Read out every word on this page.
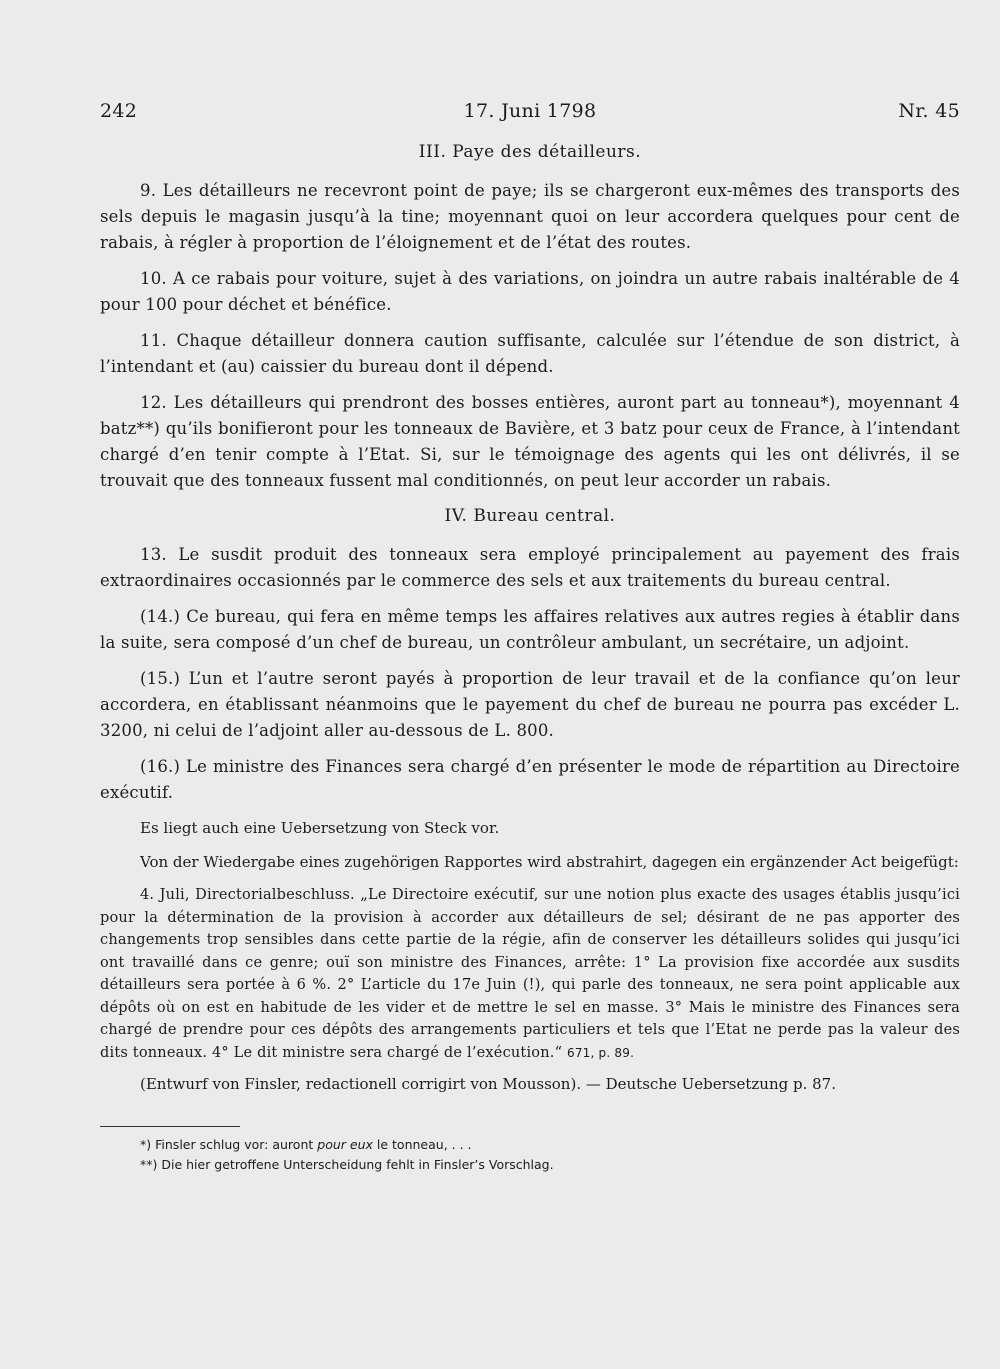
242	17. Juni 1798	Nr. 45
III. Paye des détailleurs.

9. Les détailleurs ne recevront point de paye; ils se chargeront eux-mêmes des transports des sels depuis le magasin jusqu’à la tine; moyennant quoi on leur accordera quelques pour cent de rabais, à régler à proportion de l’éloignement et de l’état des routes.

10. A ce rabais pour voiture, sujet à des variations, on joindra un autre rabais inaltérable de 4 pour 100 pour déchet et bénéfice.

11. Chaque détailleur donnera caution suffisante, calculée sur l’étendue de son district, à l’intendant et (au) caissier du bureau dont il dépend.

12. Les détailleurs qui prendront des bosses entières, auront part au tonneau*), moyennant 4 batz**) qu’ils bonifieront pour les tonneaux de Bavière, et 3 batz pour ceux de France, à l’intendant chargé d’en tenir compte à l’Etat. Si, sur le témoignage des agents qui les ont délivrés, il se trouvait que des tonneaux fussent mal conditionnés, on peut leur accorder un rabais.

IV. Bureau central.

13. Le susdit produit des tonneaux sera employé principalement au payement des frais extraordinaires occasionnés par le commerce des sels et aux traitements du bureau central.

(14.) Ce bureau, qui fera en même temps les affaires relatives aux autres regies à établir dans la suite, sera composé d’un chef de bureau, un contrôleur ambulant, un secrétaire, un adjoint.

(15.) L’un et l’autre seront payés à proportion de leur travail et de la confiance qu’on leur accordera, en établissant néanmoins que le payement du chef de bureau ne pourra pas excéder L. 3200, ni celui de l’adjoint aller au-dessous de L. 800.

(16.) Le ministre des Finances sera chargé d’en présenter le mode de répartition au Directoire exécutif.

Es liegt auch eine Uebersetzung von Steck vor.

Von der Wiedergabe eines zugehörigen Rapportes wird abstrahirt, dagegen ein ergänzender Act beigefügt:

4. Juli, Directorialbeschluss. „Le Directoire exécutif, sur une notion plus exacte des usages établis jusqu’ici pour la détermination de la provision à accorder aux détailleurs de sel; désirant de ne pas apporter des changements trop sensibles dans cette partie de la régie, afin de conserver les détailleurs solides qui jusqu’ici ont travaillé dans ce genre; ouï son ministre des Finances, arrête: 1° La provision fixe accordée aux susdits détailleurs sera portée à 6 %. 2° L’article du 17e Juin (!), qui parle des tonneaux, ne sera point applicable aux dépôts où on est en habitude de les vider et de mettre le sel en masse. 3° Mais le ministre des Finances sera chargé de prendre pour ces dépôts des arrangements particuliers et tels que l’Etat ne perde pas la valeur des dits tonneaux. 4° Le dit ministre sera chargé de l’exécution.“ 671, p. 89.

(Entwurf von Finsler, redactionell corrigirt von Mousson). — Deutsche Uebersetzung p. 87.

*) Finsler schlug vor: auront pour eux le tonneau, . . .
**) Die hier getroffene Unterscheidung fehlt in Finsler’s Vorschlag.
